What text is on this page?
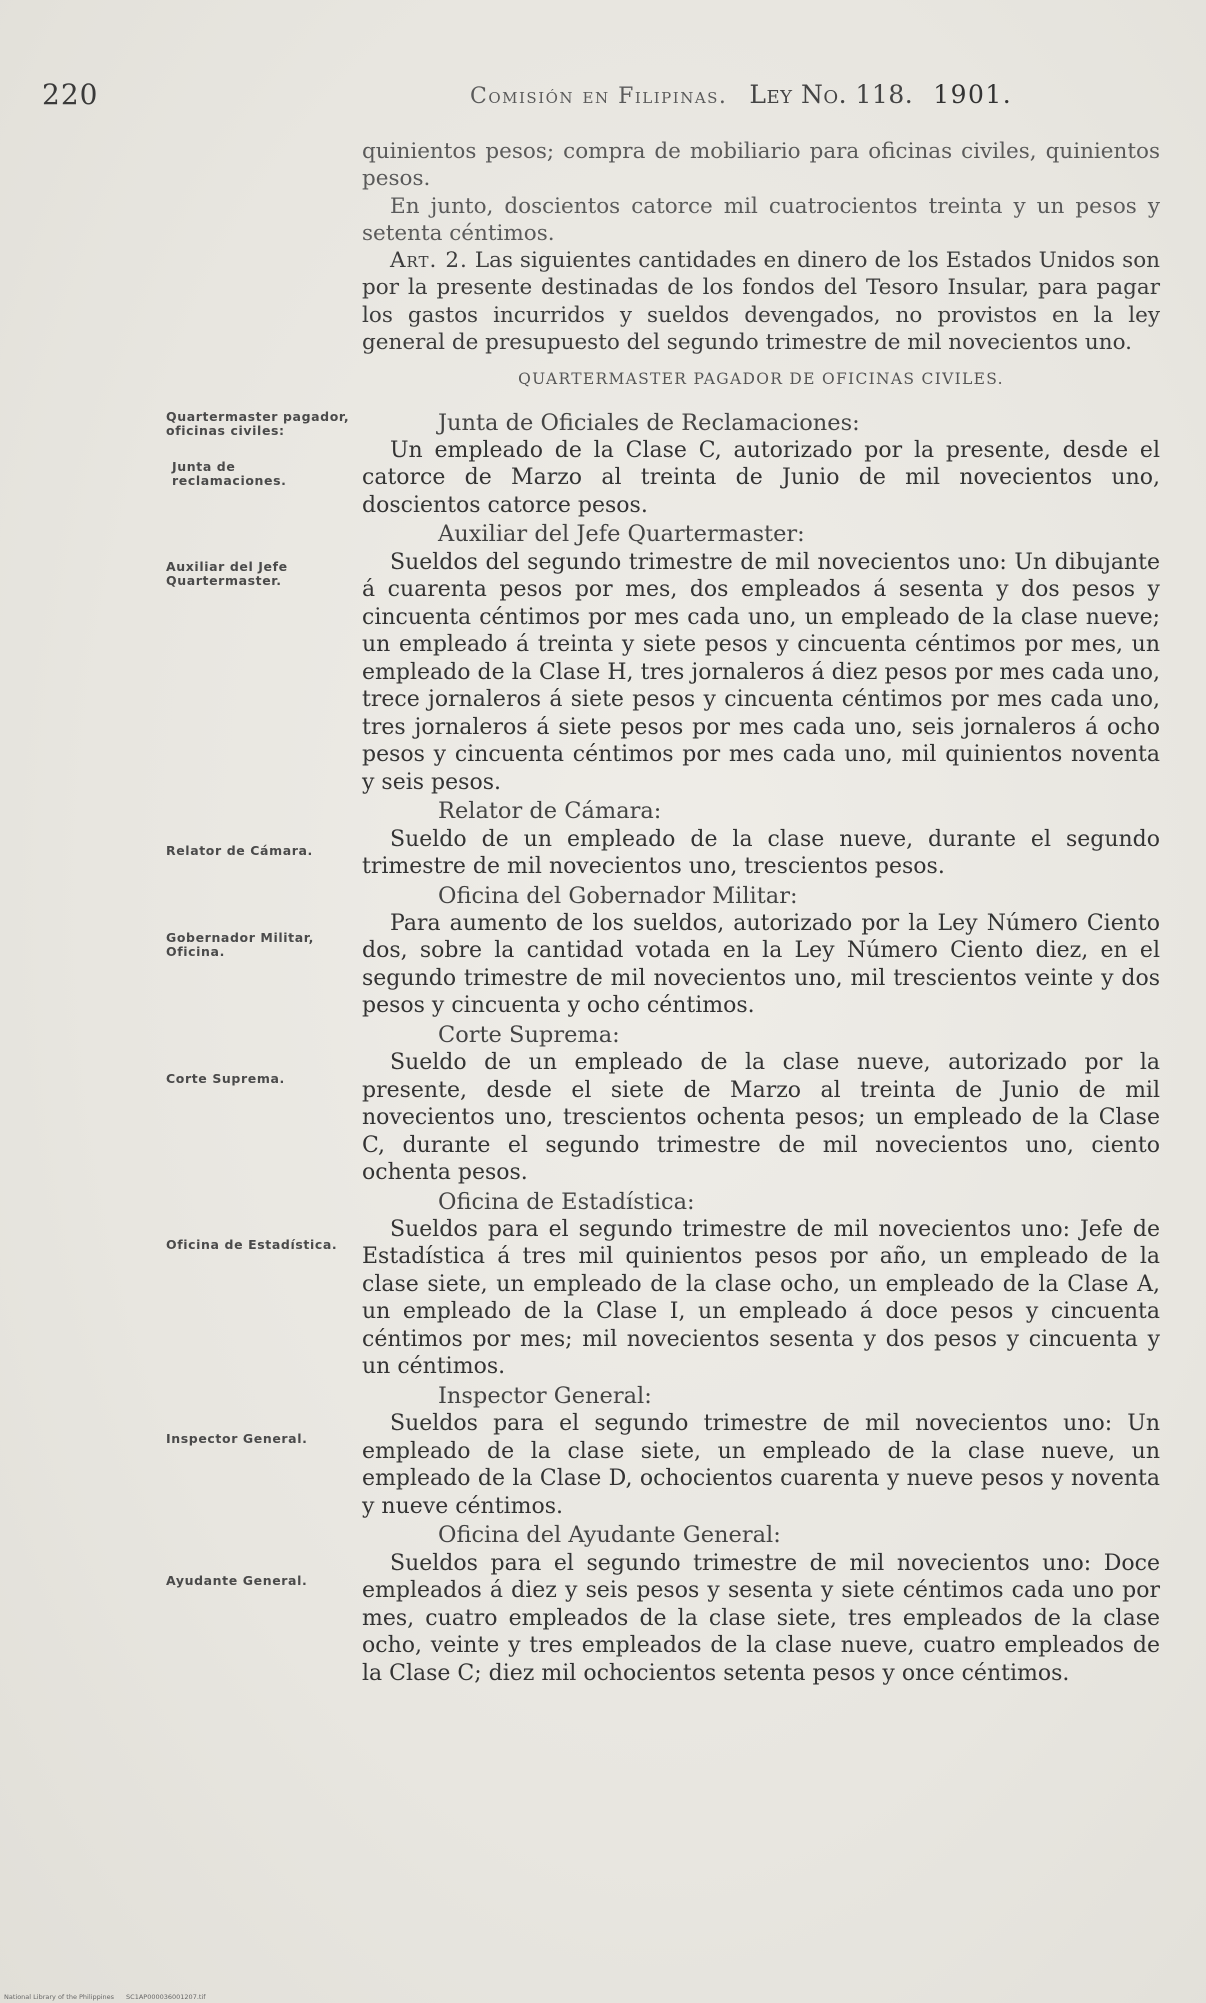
220	Comisión en Filipinas. Ley No. 118. 1901.

quinientos pesos; compra de mobiliario para oficinas civiles, quinientos pesos.

En junto, doscientos catorce mil cuatrocientos treinta y un pesos y setenta céntimos.

Art. 2. Las siguientes cantidades en dinero de los Estados Unidos son por la presente destinadas de los fondos del Tesoro Insular, para pagar los gastos incurridos y sueldos devengados, no provistos en la ley general de presupuesto del segundo trimestre de mil novecientos uno.

QUARTERMASTER PAGADOR DE OFICINAS CIVILES.

Junta de Oficiales de Reclamaciones:

Un empleado de la Clase C, autorizado por la presente, desde el catorce de Marzo al treinta de Junio de mil novecientos uno, doscientos catorce pesos.

Auxiliar del Jefe Quartermaster:

Sueldos del segundo trimestre de mil novecientos uno: Un dibujante á cuarenta pesos por mes, dos empleados á sesenta y dos pesos y cincuenta céntimos por mes cada uno, un empleado de la clase nueve; un empleado á treinta y siete pesos y cincuenta céntimos por mes, un empleado de la Clase H, tres jornaleros á diez pesos por mes cada uno, trece jornaleros á siete pesos y cincuenta céntimos por mes cada uno, tres jornaleros á siete pesos por mes cada uno, seis jornaleros á ocho pesos y cincuenta céntimos por mes cada uno, mil quinientos noventa y seis pesos.

Relator de Cámara:

Sueldo de un empleado de la clase nueve, durante el segundo trimestre de mil novecientos uno, trescientos pesos.

Oficina del Gobernador Militar:

Para aumento de los sueldos, autorizado por la Ley Número Ciento dos, sobre la cantidad votada en la Ley Número Ciento diez, en el segundo trimestre de mil novecientos uno, mil trescientos veinte y dos pesos y cincuenta y ocho céntimos.

Corte Suprema:

Sueldo de un empleado de la clase nueve, autorizado por la presente, desde el siete de Marzo al treinta de Junio de mil novecientos uno, trescientos ochenta pesos; un empleado de la Clase C, durante el segundo trimestre de mil novecientos uno, ciento ochenta pesos.

Oficina de Estadística:

Sueldos para el segundo trimestre de mil novecientos uno: Jefe de Estadística á tres mil quinientos pesos por año, un empleado de la clase siete, un empleado de la clase ocho, un empleado de la Clase A, un empleado de la Clase I, un empleado á doce pesos y cincuenta céntimos por mes; mil novecientos sesenta y dos pesos y cincuenta y un céntimos.

Inspector General:

Sueldos para el segundo trimestre de mil novecientos uno: Un empleado de la clase siete, un empleado de la clase nueve, un empleado de la Clase D, ochocientos cuarenta y nueve pesos y noventa y nueve céntimos.

Oficina del Ayudante General:

Sueldos para el segundo trimestre de mil novecientos uno: Doce empleados á diez y seis pesos y sesenta y siete céntimos cada uno por mes, cuatro empleados de la clase siete, tres empleados de la clase ocho, veinte y tres empleados de la clase nueve, cuatro empleados de la Clase C; diez mil ochocientos setenta pesos y once céntimos.

Quartermaster pagador, oficinas civiles:
Junta de reclamaciones.
Auxiliar del Jefe Quartermaster.
Relator de Cámara.
Gobernador Militar, Oficina.
Corte Suprema.
Oficina de Estadística.
Inspector General.
Ayudante General.
National Library of the Philippines SC1AP000036001207.tif
